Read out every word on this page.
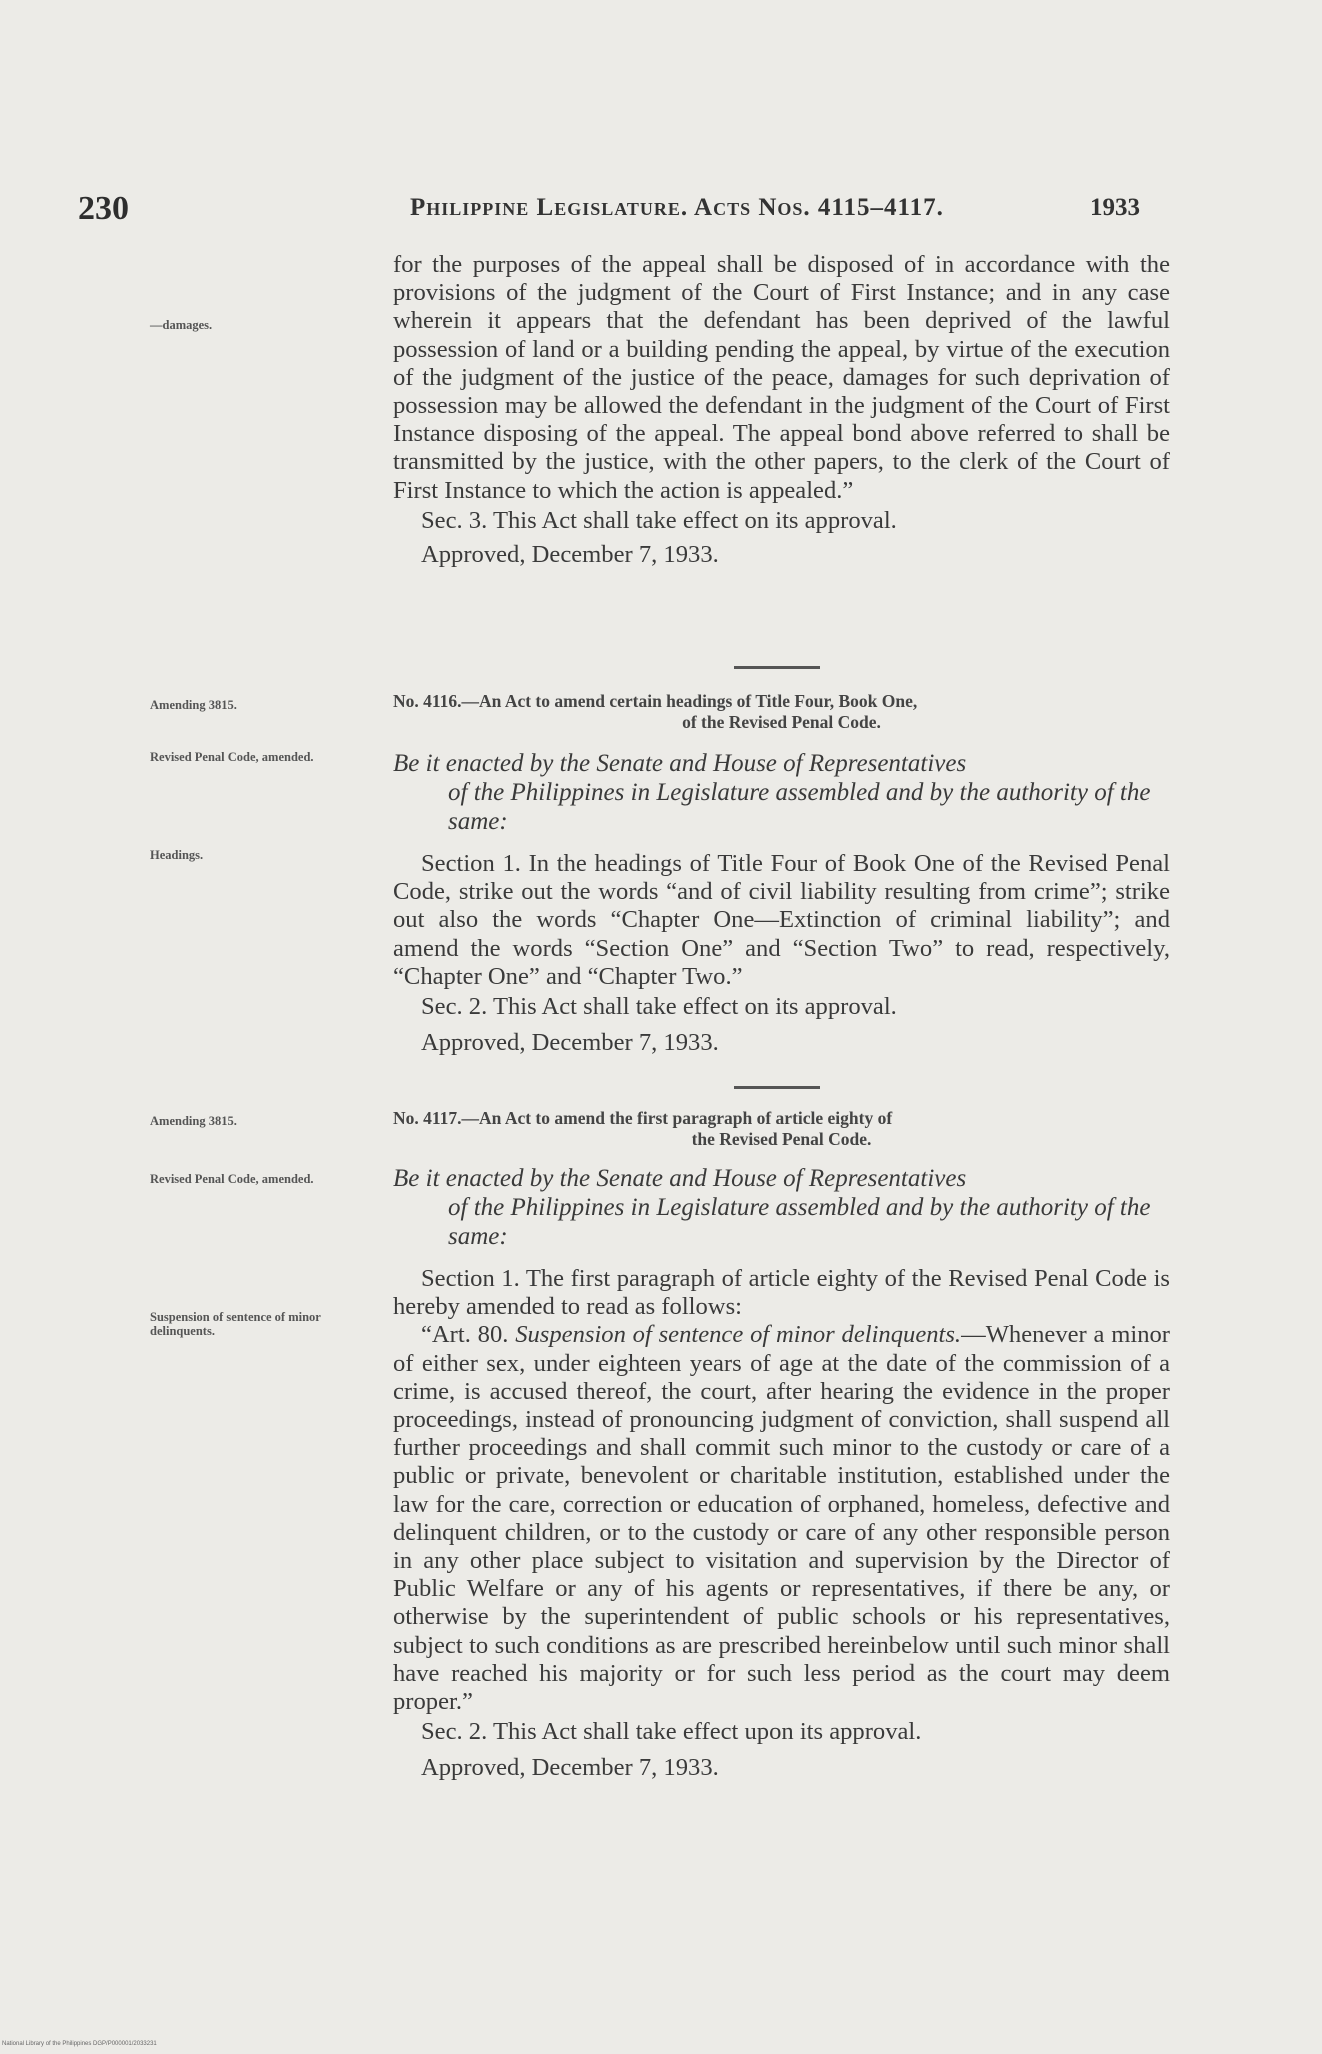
230	Philippine Legislature. Acts Nos. 4115–4117.	1933
—damages.
Amending 3815.
Revised Penal Code, amended.
Headings.
Amending 3815.
Revised Penal Code, amended.
Suspension of sentence of minor delinquents.

for the purposes of the appeal shall be disposed of in accordance with the provisions of the judgment of the Court of First Instance; and in any case wherein it appears that the defendant has been deprived of the lawful possession of land or a building pending the appeal, by virtue of the execution of the judgment of the justice of the peace, damages for such deprivation of possession may be allowed the defendant in the judgment of the Court of First Instance disposing of the appeal. The appeal bond above referred to shall be transmitted by the justice, with the other papers, to the clerk of the Court of First Instance to which the action is appealed.”

Sec. 3. This Act shall take effect on its approval.

Approved, December 7, 1933.

No. 4116.—An Act to amend certain headings of Title Four, Book One,

of the Revised Penal Code.

Be it enacted by the Senate and House of Representatives
of the Philippines in Legislature assembled and by the authority of the same:

Section 1. In the headings of Title Four of Book One of the Revised Penal Code, strike out the words “and of civil liability resulting from crime”; strike out also the words “Chapter One—Extinction of criminal liability”; and amend the words “Section One” and “Section Two” to read, respectively, “Chapter One” and “Chapter Two.”

Sec. 2. This Act shall take effect on its approval.

Approved, December 7, 1933.

No. 4117.—An Act to amend the first paragraph of article eighty of

the Revised Penal Code.

Be it enacted by the Senate and House of Representatives
of the Philippines in Legislature assembled and by the authority of the same:

Section 1. The first paragraph of article eighty of the Revised Penal Code is hereby amended to read as follows:

“Art. 80. Suspension of sentence of minor delinquents.—Whenever a minor of either sex, under eighteen years of age at the date of the commission of a crime, is accused thereof, the court, after hearing the evidence in the proper proceedings, instead of pronouncing judgment of conviction, shall suspend all further proceedings and shall commit such minor to the custody or care of a public or private, benevolent or charitable institution, established under the law for the care, correction or education of orphaned, homeless, defective and delinquent children, or to the custody or care of any other responsible person in any other place subject to visitation and supervision by the Director of Public Welfare or any of his agents or representatives, if there be any, or otherwise by the superintendent of public schools or his representatives, subject to such conditions as are prescribed hereinbelow until such minor shall have reached his majority or for such less period as the court may deem proper.”

Sec. 2. This Act shall take effect upon its approval.

Approved, December 7, 1933.

National Library of the Philippines DGP/P000001/2033231
